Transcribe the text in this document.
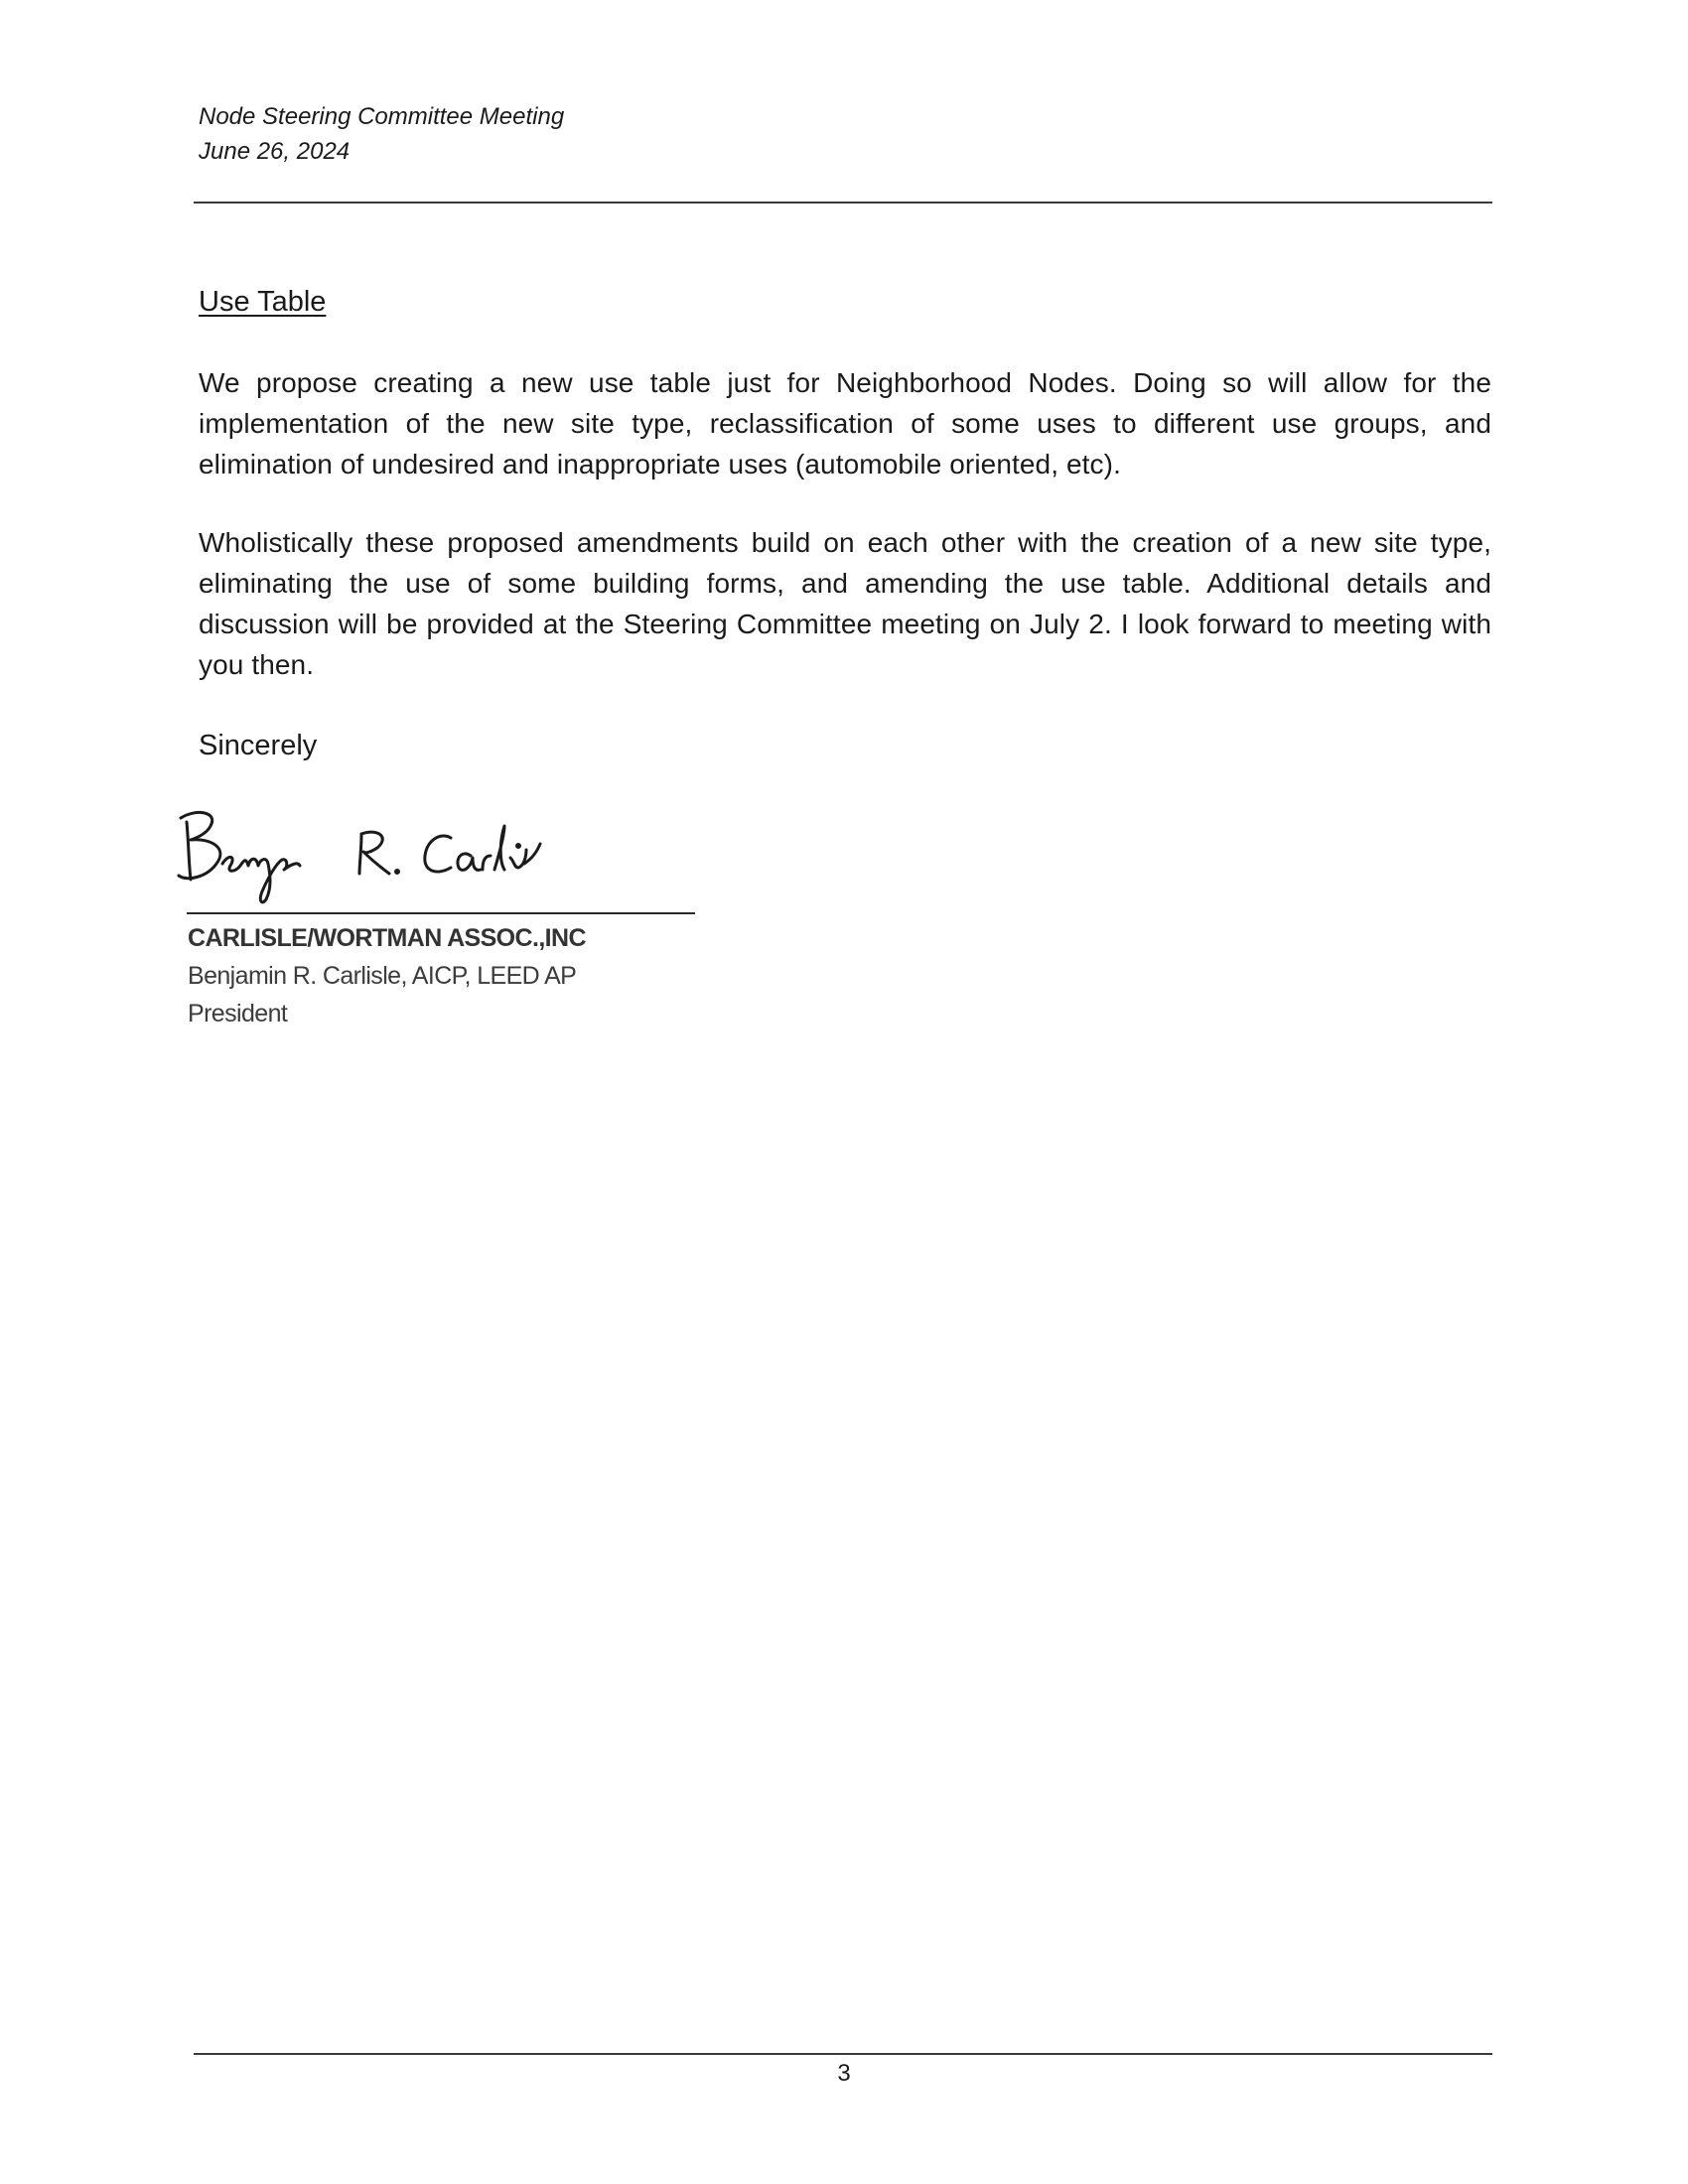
Node Steering Committee Meeting
June 26, 2024
Use Table

We propose creating a new use table just for Neighborhood Nodes. Doing so will allow for the implementation of the new site type, reclassification of some uses to different use groups, and elimination of undesired and inappropriate uses (automobile oriented, etc).

Wholistically these proposed amendments build on each other with the creation of a new site type, eliminating the use of some building forms, and amending the use table. Additional details and discussion will be provided at the Steering Committee meeting on July 2. I look forward to meeting with you then.

Sincerely
CARLISLE/WORTMAN ASSOC.,INC
Benjamin R. Carlisle, AICP, LEED AP
President
3
